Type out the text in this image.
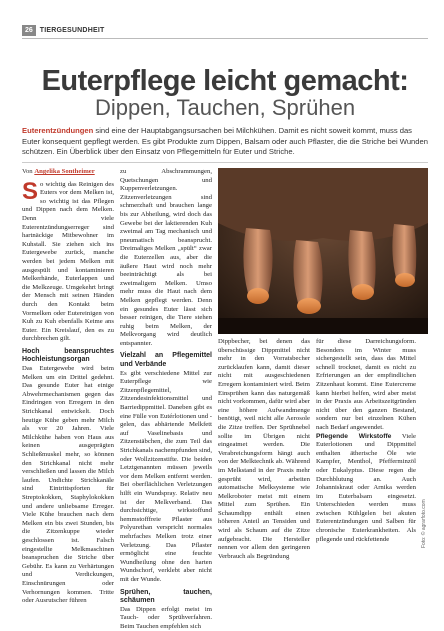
26	TIERGESUNDHEIT
Euterpflege leicht gemacht:
Dippen, Tauchen, Sprühen
Euterentzündungen sind eine der Hauptabgangsursachen bei Milchkühen. Damit es nicht soweit kommt, muss das Euter konsequent gepflegt werden. Es gibt Produkte zum Dippen, Balsam oder auch Pflaster, die die Striche bei Wunden schützen. Ein Überblick über den Einsatz von Pflegemitteln für Euter und Striche.
Von Angelika Sontheimer

So wichtig das Reinigen des Euters vor dem Melken ist, so wichtig ist das Pflegen und Dippen nach dem Melken. Denn viele Euterentzündungserreger sind hartnäckige Mitbewohner im Kuhstall. Sie ziehen sich ins Eutergewebe zurück, manche werden bei jedem Melken mit ausgespült und kontaminieren Melkerhände, Euterlappen und die Melkzeuge. Umgekehrt bringt der Mensch mit seinen Händen durch den Kontakt beim Vormelken oder Eutereinigen von Kuh zu Kuh ebenfalls Keime ans Euter. Ein Kreislauf, den es zu durchbrechen gilt.

Hoch beanspruchtes Hochleistungsorgan

Das Eutergewebe wird beim Melken um ein Drittel gedehnt. Das gesunde Euter hat einige Abwehrmechanismen gegen das Eindringen von Erregern in den Strichkanal entwickelt. Doch heutige Kühe geben mehr Milch als vor 20 Jahren. Viele Milchkühe haben von Haus aus keinen ausgeprägten Schließmuskel mehr, so können den Strichkanal nicht mehr verschließen und lassen die Milch laufen. Undichte Strichkanäle sind Eintrittspforten für Streptokokken, Staphylokokken und andere unliebsame Erreger. Viele Kühe brauchen nach dem Melken ein bis zwei Stunden, bis die Zitzenkuppe wieder geschlossen ist. Falsch eingestellte Melkmaschinen beanspruchen die Striche über Gebühr. Es kann zu Verhärtungen und Verdickungen, Einschnürungen oder Verhornungen kommen. Tritte oder Ausrutscher führen

zu Abschrammungen, Quetschungen und Kuppenverletzungen. Zitzenverletzungen sind schmerzhaft und brauchen lange bis zur Abheilung, wird doch das Gewebe bei der laktierenden Kuh zweimal am Tag mechanisch und pneumatisch beansprucht. Dreimaliges Melken „spült“ zwar die Euterzellen aus, aber die äußere Haut wird noch mehr beeinträchtigt als bei zweimaligem Melken. Umso mehr muss die Haut nach dem Melken gepflegt werden. Denn ein gesundes Euter lässt sich besser reinigen, die Tiere stehen ruhig beim Melken, der Melkvorgang wird deutlich entspannter.

Vielzahl an Pflegemittel und Verbände

Es gibt verschiedene Mittel zur Euterpflege wie Zitzenpflegemittel, Zitzendesinfektionsmittel und Barriedippmittel. Daneben gibt es eine Fülle von Eutérlotionen und -gelen, das abhärtende Melkfett auf Vaselinebasis und Zitzenstäbchen, die zum Teil das Strichkanals nachempfunden sind, oder Wollzitzenstifte. Die beiden Letztgenannten müssen jeweils vor dem Melken entfernt werden. Bei oberflächlichen Verletzungen hilft ein Wundspray. Relativ neu ist der Melkverband. Das durchsichtige, wirkstoffund hemmstofffreie Pflaster aus Polyurethan verspricht normales mehrfaches Melken trotz einer Verletzung. Das Pflaster ermöglicht eine feuchte Wundheilung ohne den harten Wundschorf, verklebt aber nicht mit der Wunde.

Sprühen, tauchen, schäumen

Das Dippen erfolgt meist im Tauch- oder Sprühverfahren. Beim Tauchen empfehlen sich

Foto: © agrarfoto.com

Dippbecher, bei denen das überschüssige Dippmittel nicht mehr in den Vorratsbecher zurücklaufen kann, damit dieser nicht mit ausgeschiedenen Erregern kontaminiert wird. Beim Einsprühen kann das naturgemäß nicht vorkommen, dafür wird aber eine höhere Aufwandmenge benötigt, weil nicht alle Aerosole die Zitze treffen. Der Sprühnebel sollte im Übrigen nicht eingeatmet werden. Die Verabreichungsform hängt auch von der Melktechnik ab. Während im Melkstand in der Praxis mehr gesprüht wird, arbeiten automatische Melksysteme wie Melkroboter meist mit einem Mittel zum Sprühen. Ein Schaumdipp enthält einen höheren Anteil an Tensiden und wird als Schaum auf die Zitze aufgebracht. Die Hersteller nennen vor allem den geringeren Verbrauch als Begründung

für diese Darreichungsform. Besonders im Winter muss sichergestellt sein, dass das Mittel schnell trocknet, damit es nicht zu Erfrierungen an der empfindlichen Zitzenhaut kommt. Eine Eutercreme kann hierbei helfen, wird aber meist in der Praxis aus Arbeitszeitgründen nicht über den ganzen Bestand, sondern nur bei einzelnen Kühen nach Bedarf angewendet.

Pflegende Wirkstoffe Viele Euterlotionen und Dippmittel enthalten ätherische Öle wie Kampfer, Menthol, Pfefferminzöl oder Eukalyptus. Diese regen die Durchblutung an. Auch Johanniskraut oder Arnika werden im Euterbalsam eingesetzt. Unterschieden werden muss zwischen Kühlgelen bei akuten Euterentzündungen und Salben für chronische Euterkrankheiten. Als pflegende und rückfettende
